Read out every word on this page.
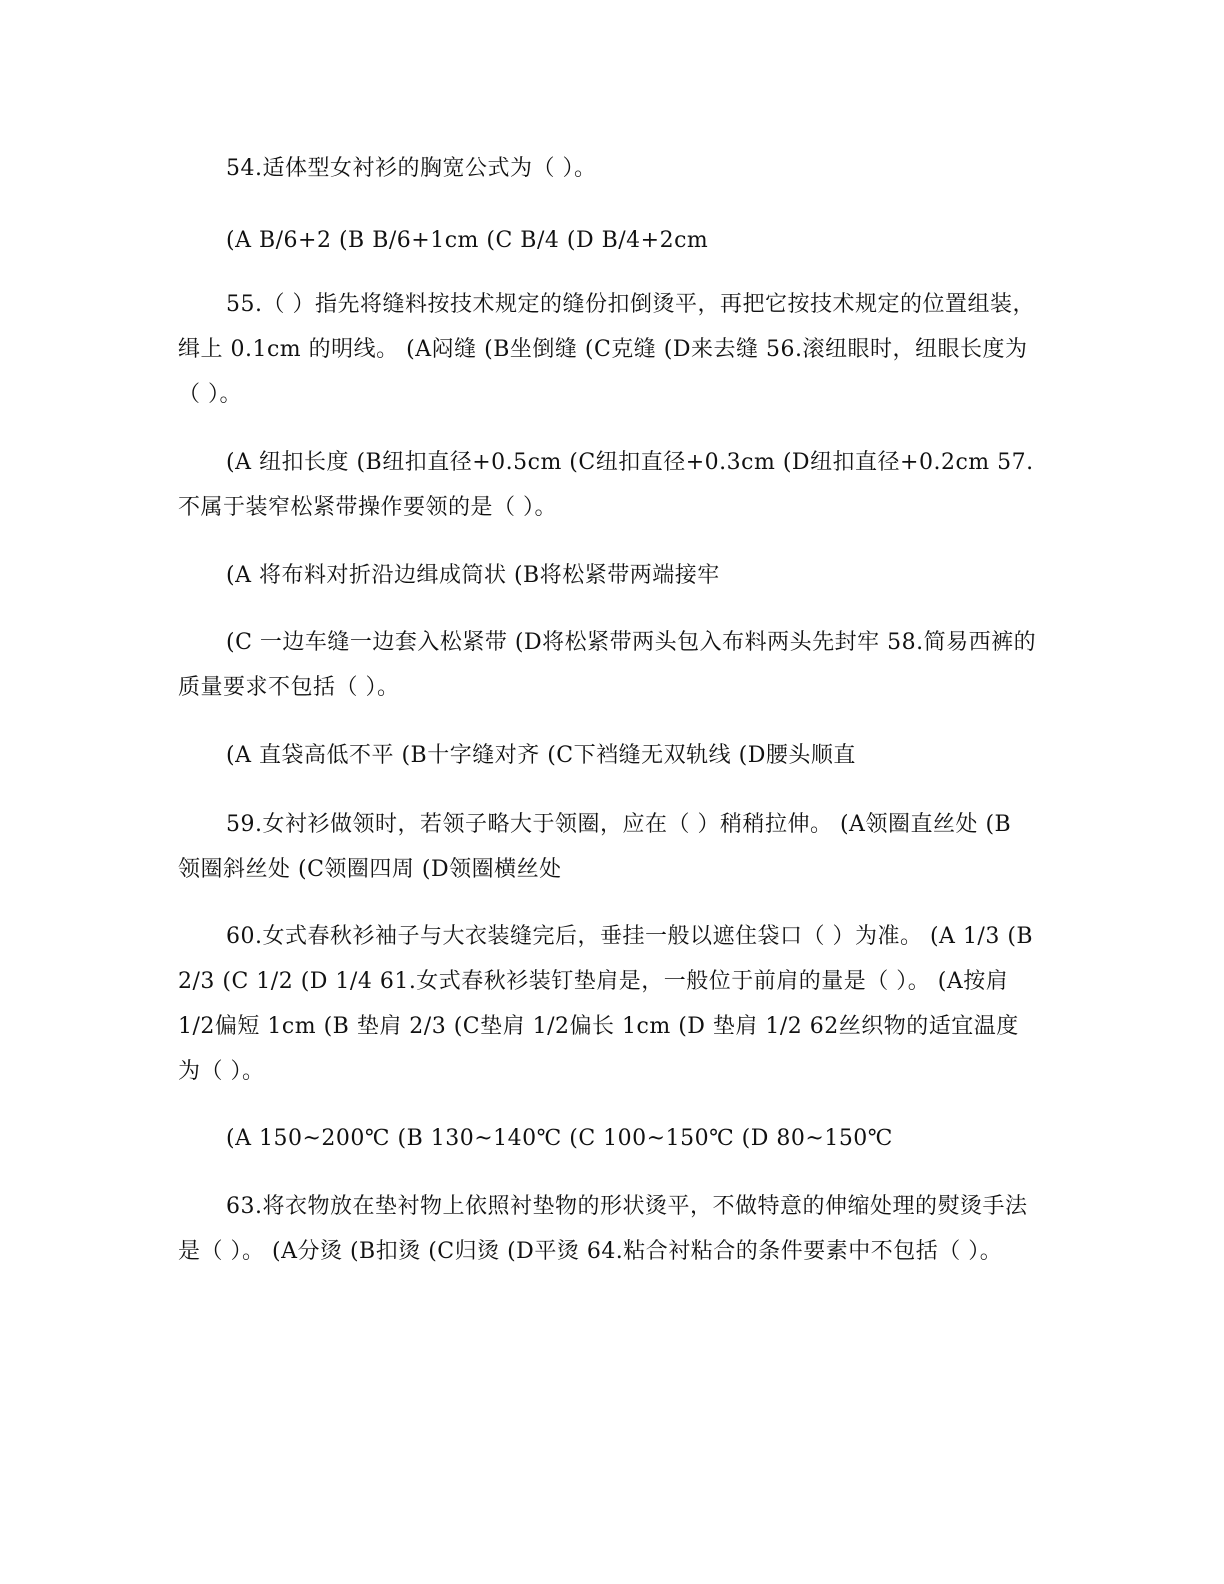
54.适体型女衬衫的胸宽公式为（ ）。

(A B/6+2 (B B/6+1cm (C B/4 (D B/4+2cm

55.（ ）指先将缝料按技术规定的缝份扣倒烫平，再把它按技术规定的位置组装，缉上 0.1cm 的明线。 (A闷缝 (B坐倒缝 (C克缝 (D来去缝 56.滚纽眼时，纽眼长度为（ ）。

(A 纽扣长度 (B纽扣直径+0.5cm (C纽扣直径+0.3cm (D纽扣直径+0.2cm 57.不属于装窄松紧带操作要领的是（ ）。

(A 将布料对折沿边缉成筒状 (B将松紧带两端接牢

(C 一边车缝一边套入松紧带 (D将松紧带两头包入布料两头先封牢 58.简易西裤的质量要求不包括（ ）。

(A 直袋高低不平 (B十字缝对齐 (C下裆缝无双轨线 (D腰头顺直

59.女衬衫做领时，若领子略大于领圈，应在（ ）稍稍拉伸。 (A领圈直丝处 (B 领圈斜丝处 (C领圈四周 (D领圈横丝处

60.女式春秋衫袖子与大衣装缝完后，垂挂一般以遮住袋口（ ）为准。 (A 1/3 (B 2/3 (C 1/2 (D 1/4 61.女式春秋衫装钉垫肩是，一般位于前肩的量是（ ）。 (A按肩 1/2偏短 1cm (B 垫肩 2/3 (C垫肩 1/2偏长 1cm (D 垫肩 1/2 62丝织物的适宜温度为（ ）。

(A 150~200℃ (B 130~140℃ (C 100~150℃ (D 80~150℃

63.将衣物放在垫衬物上依照衬垫物的形状烫平，不做特意的伸缩处理的熨烫手法是（ ）。 (A分烫 (B扣烫 (C归烫 (D平烫 64.粘合衬粘合的条件要素中不包括（ ）。
